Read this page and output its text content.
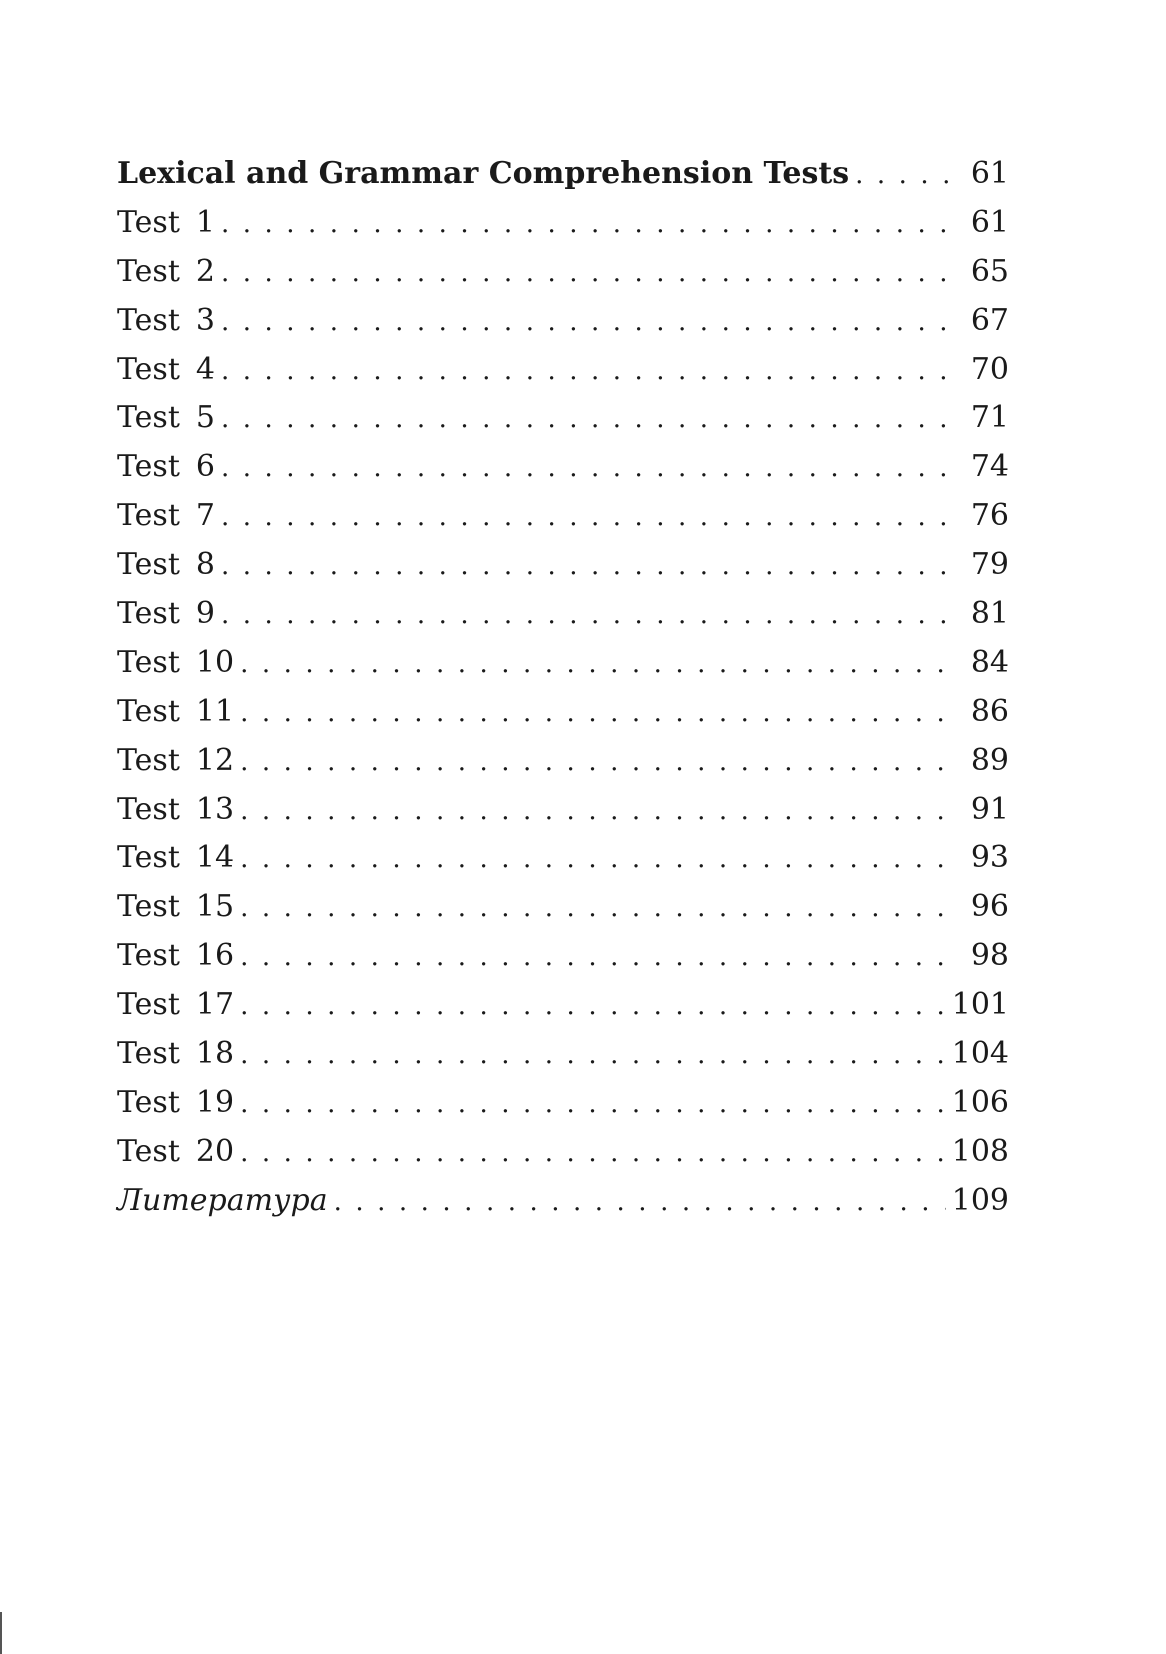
Lexical and Grammar Comprehension Tests .....	61
Test 1 .....	61
Test 2 .....	65
Test 3 .....	67
Test 4 .....	70
Test 5 .....	71
Test 6 .....	74
Test 7 .....	76
Test 8 .....	79
Test 9 .....	81
Test 10 .....	84
Test 11 .....	86
Test 12 .....	89
Test 13 .....	91
Test 14 .....	93
Test 15 .....	96
Test 16 .....	98
Test 17 .....	101
Test 18 .....	104
Test 19 .....	106
Test 20 .....	108
Литература .....	109
